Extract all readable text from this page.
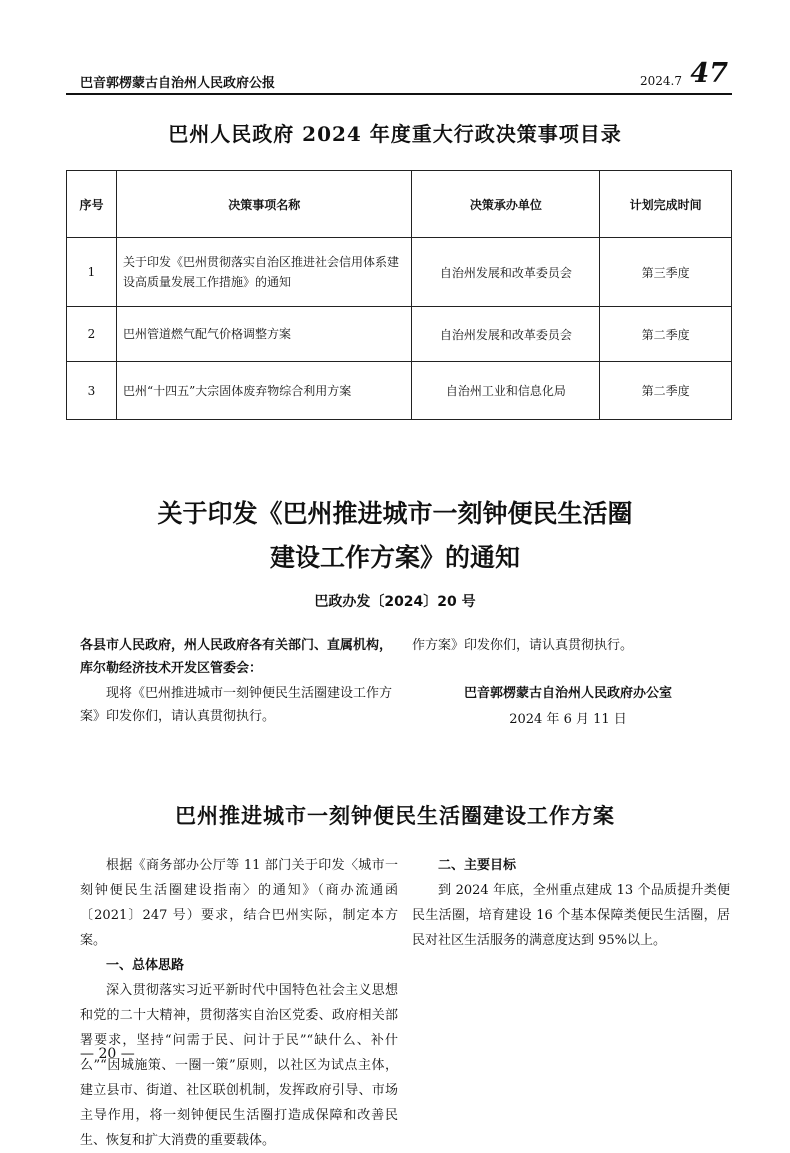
巴音郭楞蒙古自治州人民政府公报	2024.7 47
巴州人民政府 2024 年度重大行政决策事项目录
序号	决策事项名称	决策承办单位	计划完成时间
1	关于印发《巴州贯彻落实自治区推进社会信用体系建设高质量发展工作措施》的通知	自治州发展和改革委员会	第三季度
2	巴州管道燃气配气价格调整方案	自治州发展和改革委员会	第二季度
3	巴州“十四五”大宗固体废弃物综合利用方案	自治州工业和信息化局	第二季度
关于印发《巴州推进城市一刻钟便民生活圈
建设工作方案》的通知
巴政办发〔2024〕20 号
各县市人民政府，州人民政府各有关部门、直属机构，库尔勒经济技术开发区管委会：
现将《巴州推进城市一刻钟便民生活圈建设工作方案》印发你们，请认真贯彻执行。
作方案》印发你们，请认真贯彻执行。
巴音郭楞蒙古自治州人民政府办公室
2024 年 6 月 11 日
巴州推进城市一刻钟便民生活圈建设工作方案

根据《商务部办公厅等 11 部门关于印发〈城市一刻钟便民生活圈建设指南〉的通知》（商办流通函〔2021〕247 号）要求，结合巴州实际，制定本方案。

一、总体思路

深入贯彻落实习近平新时代中国特色社会主义思想和党的二十大精神，贯彻落实自治区党委、政府相关部署要求，坚持“问需于民、问计于民”“缺什么、补什么”“因城施策、一圈一策”原则，以社区为试点主体，建立县市、街道、社区联创机制，发挥政府引导、市场主导作用，将一刻钟便民生活圈打造成保障和改善民生、恢复和扩大消费的重要载体。

二、主要目标

到 2024 年底，全州重点建成 13 个品质提升类便民生活圈，培育建设 16 个基本保障类便民生活圈，居民对社区生活服务的满意度达到 95%以上。

— 20 —
